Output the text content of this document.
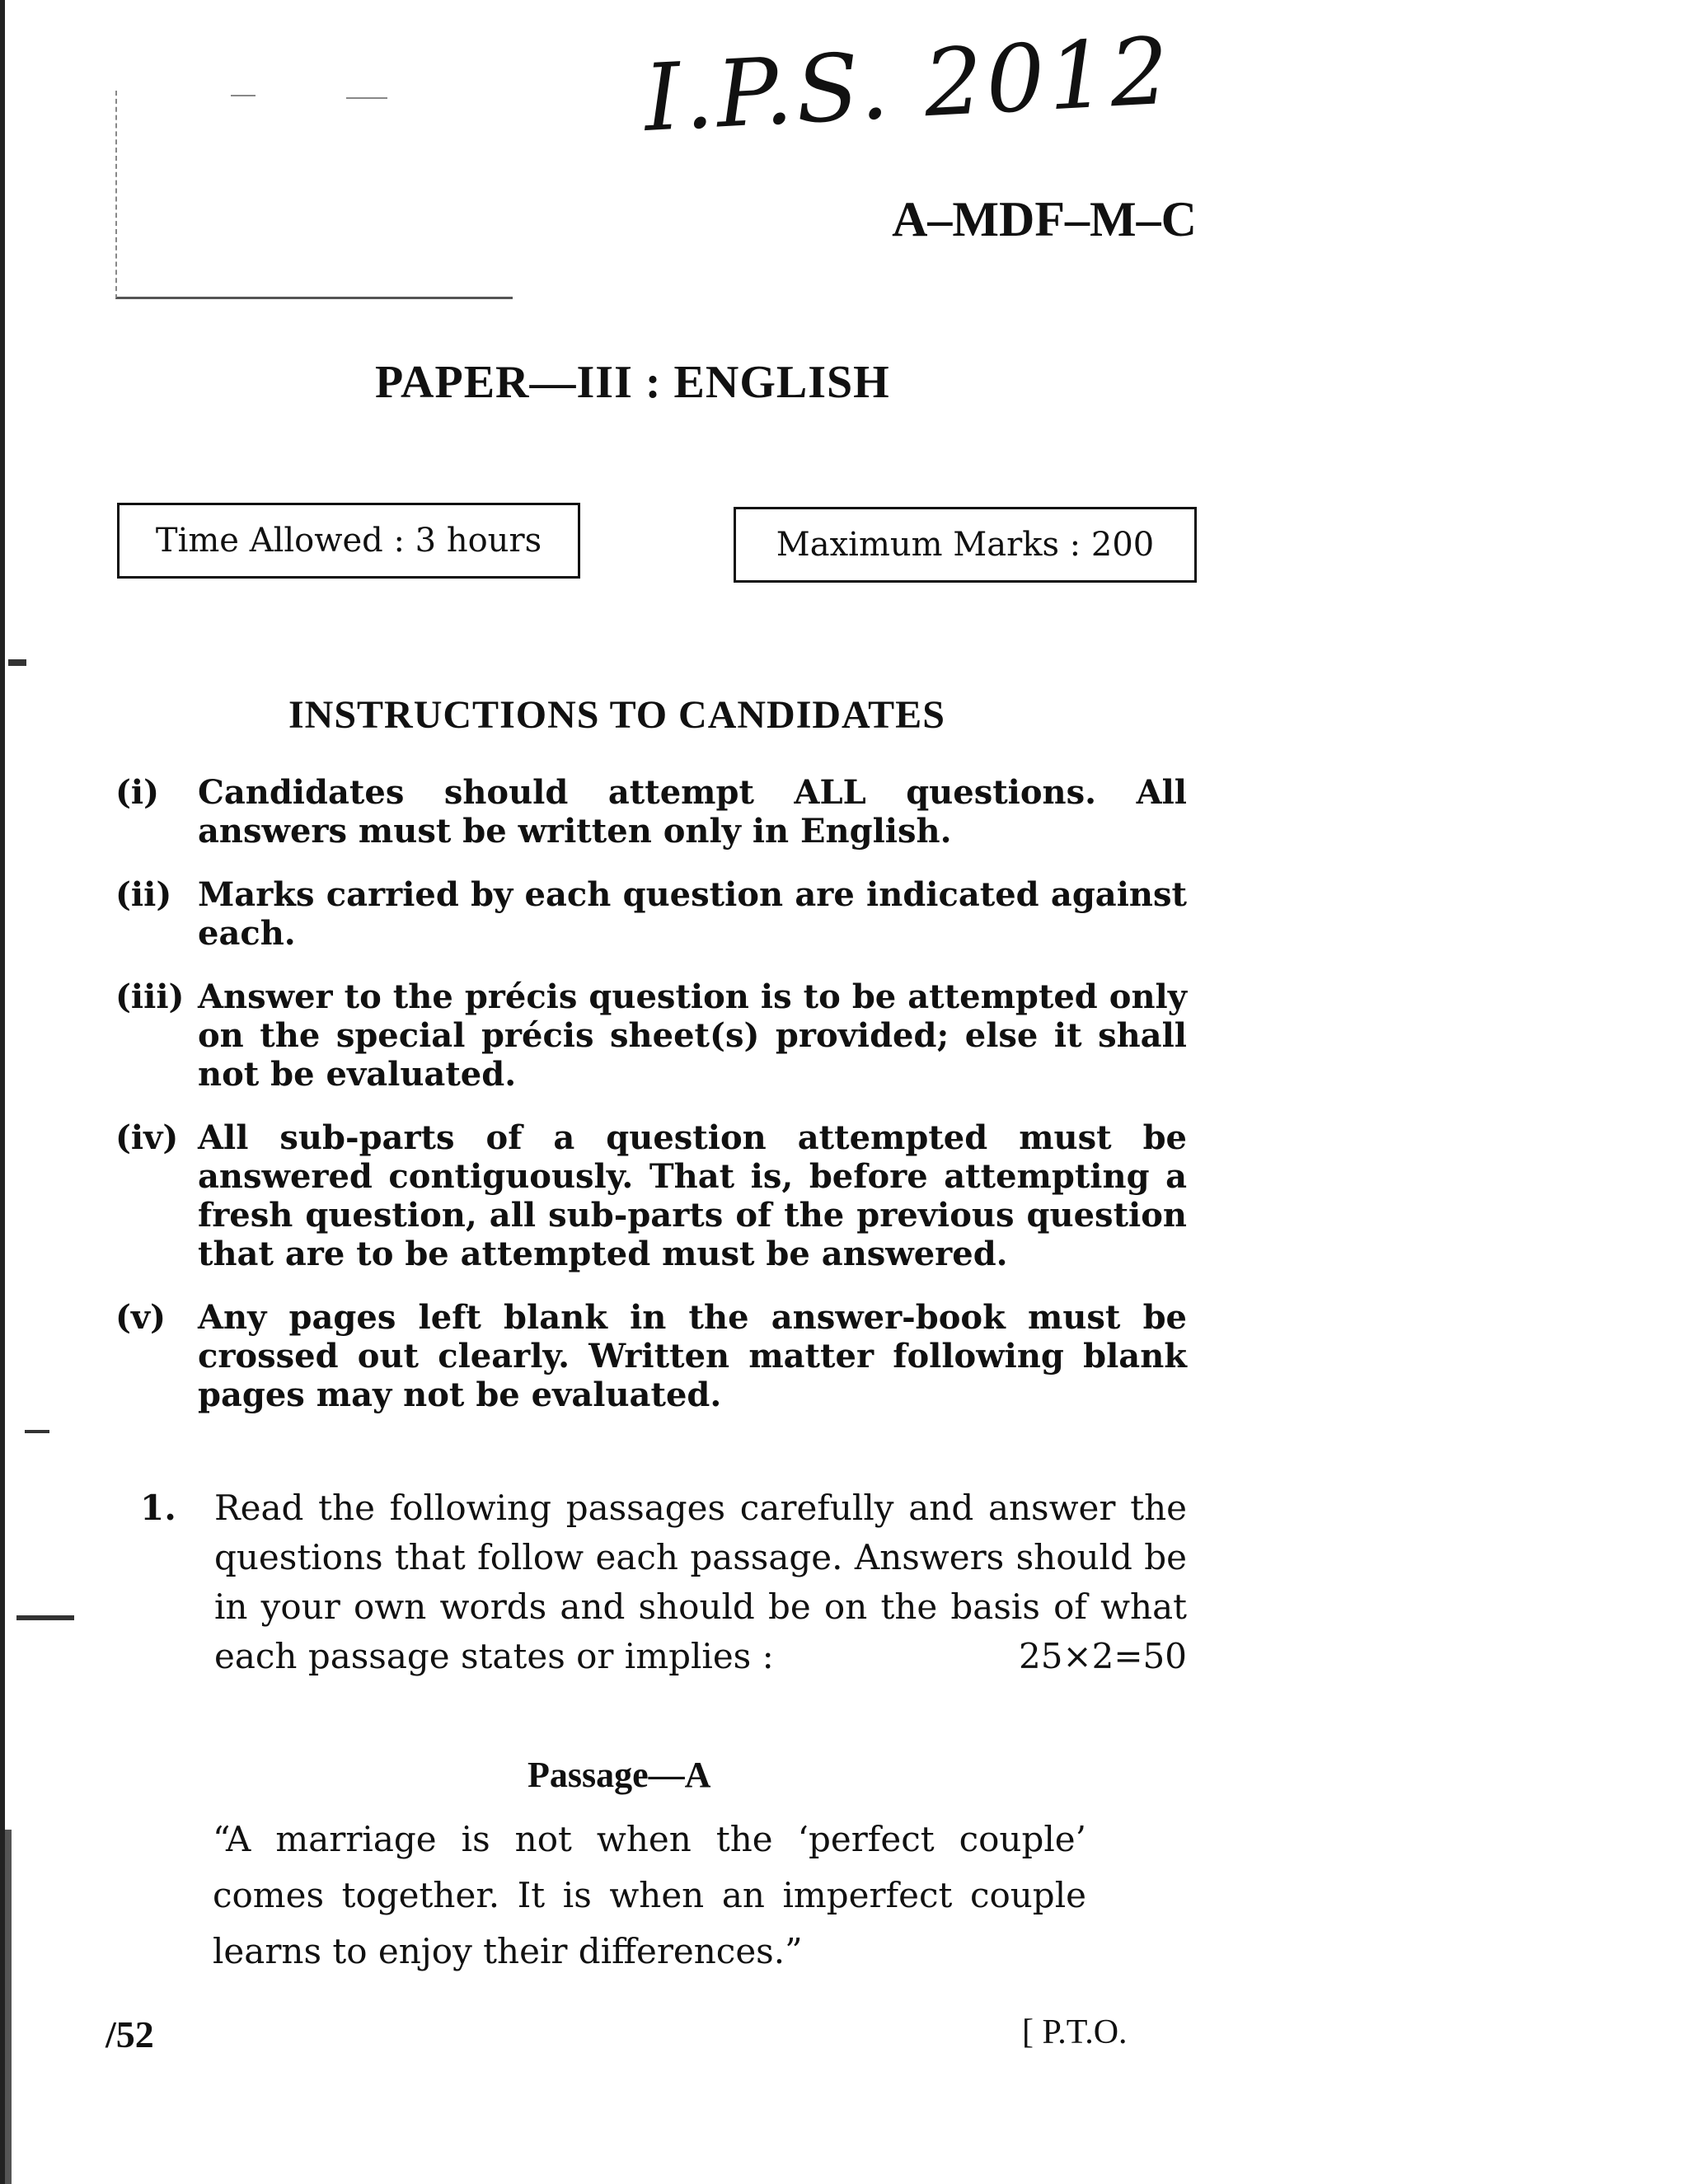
I.P.S. 2012
A–MDF–M–C
PAPER—III : ENGLISH
Time Allowed : 3 hours	Maximum Marks : 200
INSTRUCTIONS TO CANDIDATES
(i)	Candidates should attempt ALL questions. All answers must be written only in English.
(ii) Marks carried by each question are indicated against each.
(iii) Answer to the précis question is to be attempted only on the special précis sheet(s) provided; else it shall not be evaluated.
(iv) All sub-parts of a question attempted must be answered contiguously. That is, before attempting a fresh question, all sub-parts of the previous question that are to be attempted must be answered.
(v) Any pages left blank in the answer-book must be crossed out clearly. Written matter following blank pages may not be evaluated.
1.	Read the following passages carefully and answer the questions that follow each passage. Answers should be in your own words and should be on the basis of what each passage states or implies :	25×2=50
Passage—A
“A marriage is not when the ‘perfect couple’ comes together. It is when an imperfect couple learns to enjoy their differences.”
/52	[ P.T.O.
